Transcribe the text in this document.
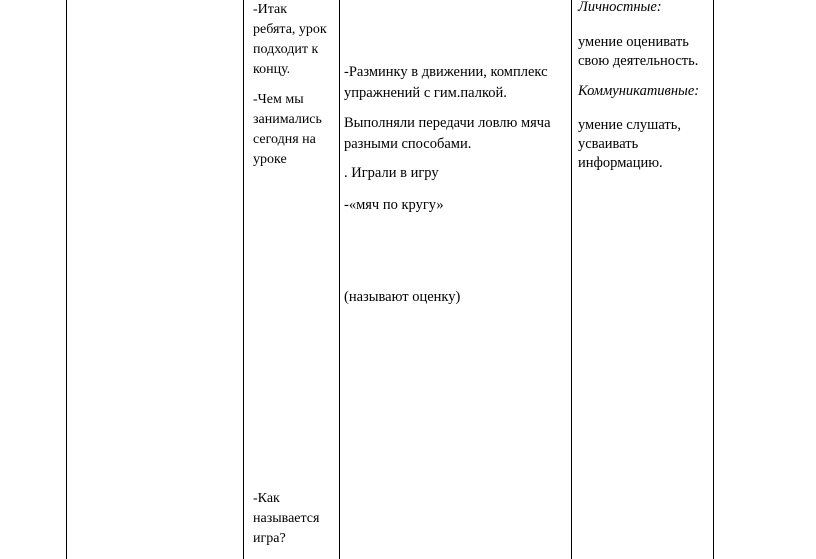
-Итак

ребята, урок

подходит к

концу.

-Чем мы

занимались

сегодня на

уроке

-Как

называется

игра?

-Разминку в движении, комплекс

упражнений с гим.палкой.

Выполняли передачи ловлю мяча

разными способами.

. Играли в игру

-«мяч по кругу»

(называют оценку)

Личностные:

умение оценивать свою деятельность.

Коммуникативные:

умение слушать, усваивать информацию.
